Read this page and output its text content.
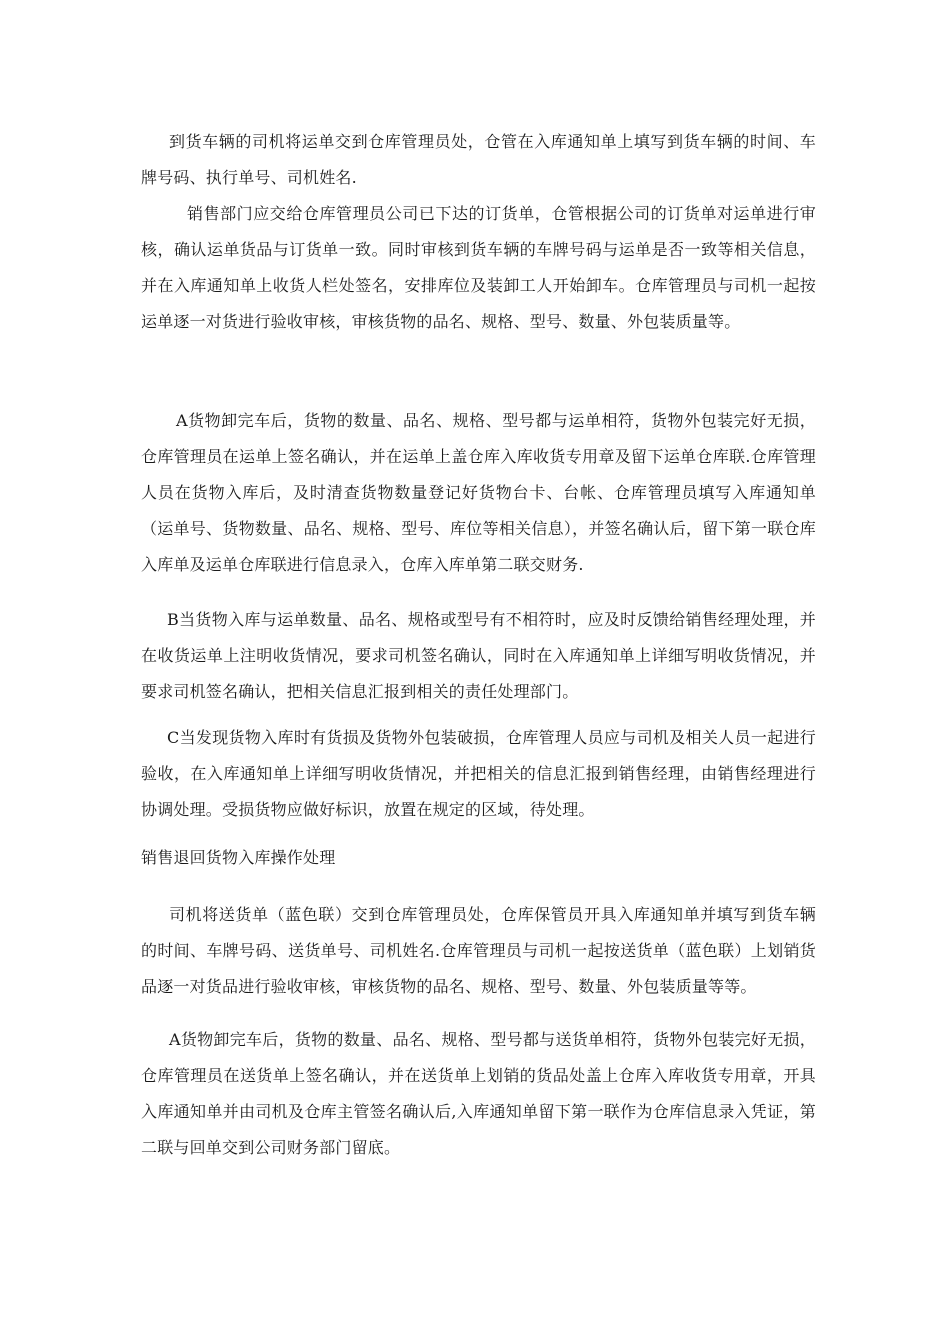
到货车辆的司机将运单交到仓库管理员处，仓管在入库通知单上填写到货车辆的时间、车牌号码、执行单号、司机姓名.

销售部门应交给仓库管理员公司已下达的订货单，仓管根据公司的订货单对运单进行审核，确认运单货品与订货单一致。同时审核到货车辆的车牌号码与运单是否一致等相关信息，并在入库通知单上收货人栏处签名，安排库位及装卸工人开始卸车。仓库管理员与司机一起按运单逐一对货进行验收审核，审核货物的品名、规格、型号、数量、外包装质量等。

A货物卸完车后，货物的数量、品名、规格、型号都与运单相符，货物外包装完好无损，仓库管理员在运单上签名确认，并在运单上盖仓库入库收货专用章及留下运单仓库联.仓库管理人员在货物入库后，及时清查货物数量登记好货物台卡、台帐、仓库管理员填写入库通知单（运单号、货物数量、品名、规格、型号、库位等相关信息），并签名确认后，留下第一联仓库入库单及运单仓库联进行信息录入，仓库入库单第二联交财务.

B当货物入库与运单数量、品名、规格或型号有不相符时，应及时反馈给销售经理处理，并在收货运单上注明收货情况，要求司机签名确认，同时在入库通知单上详细写明收货情况，并要求司机签名确认，把相关信息汇报到相关的责任处理部门。

C当发现货物入库时有货损及货物外包装破损，仓库管理人员应与司机及相关人员一起进行验收，在入库通知单上详细写明收货情况，并把相关的信息汇报到销售经理，由销售经理进行协调处理。受损货物应做好标识，放置在规定的区域，待处理。

销售退回货物入库操作处理

司机将送货单（蓝色联）交到仓库管理员处，仓库保管员开具入库通知单并填写到货车辆的时间、车牌号码、送货单号、司机姓名.仓库管理员与司机一起按送货单（蓝色联）上划销货品逐一对货品进行验收审核，审核货物的品名、规格、型号、数量、外包装质量等等。

A货物卸完车后，货物的数量、品名、规格、型号都与送货单相符，货物外包装完好无损，仓库管理员在送货单上签名确认，并在送货单上划销的货品处盖上仓库入库收货专用章，开具入库通知单并由司机及仓库主管签名确认后,入库通知单留下第一联作为仓库信息录入凭证，第二联与回单交到公司财务部门留底。
